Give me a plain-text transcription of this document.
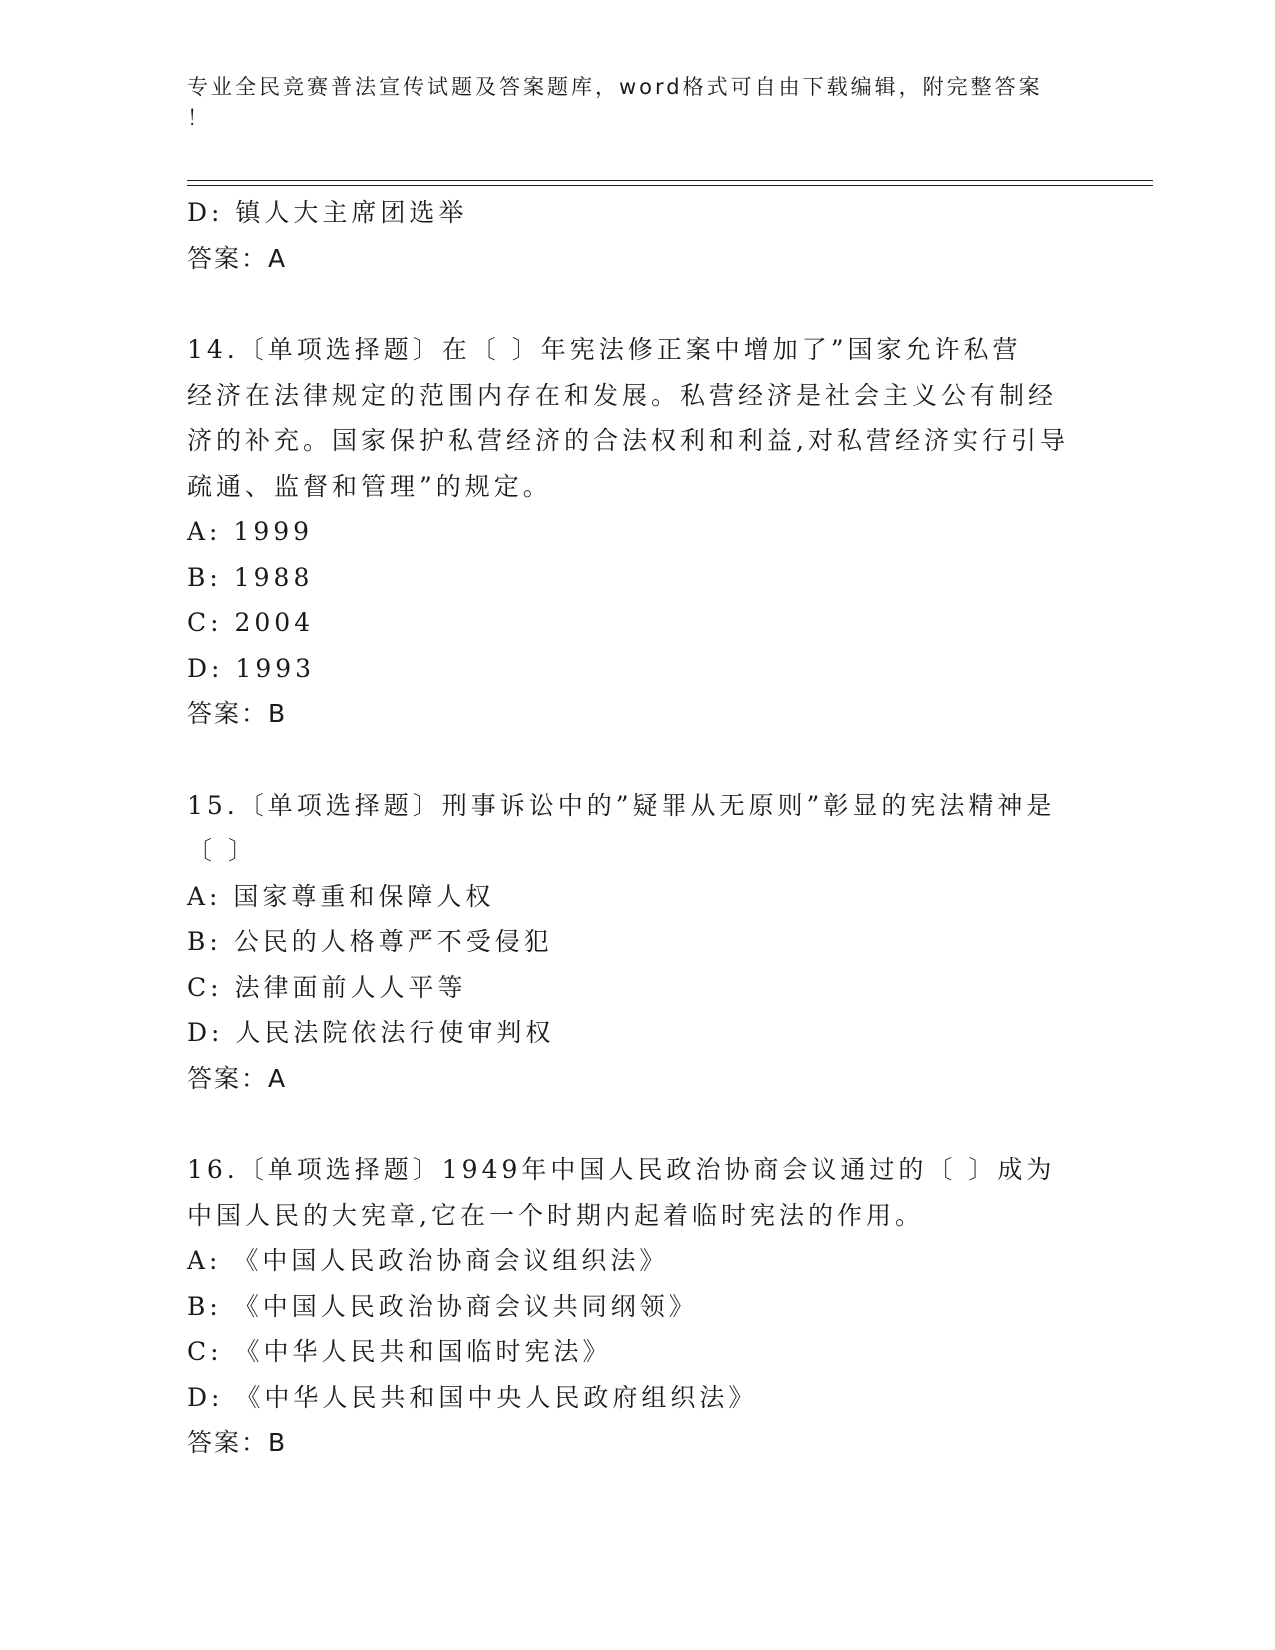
专业全民竞赛普法宣传试题及答案题库，word格式可自由下载编辑，附完整答案
！
D: 镇人大主席团选举
答案：A
14.〔单项选择题〕在〔 〕年宪法修正案中增加了”国家允许私营
经济在法律规定的范围内存在和发展。私营经济是社会主义公有制经
济的补充。国家保护私营经济的合法权利和利益,对私营经济实行引导
疏通、监督和管理”的规定。
A: 1999
B: 1988
C: 2004
D: 1993
答案：B
15.〔单项选择题〕刑事诉讼中的”疑罪从无原则”彰显的宪法精神是
〔 〕
A: 国家尊重和保障人权
B: 公民的人格尊严不受侵犯
C: 法律面前人人平等
D: 人民法院依法行使审判权
答案：A
16.〔单项选择题〕1949年中国人民政治协商会议通过的〔 〕成为
中国人民的大宪章,它在一个时期内起着临时宪法的作用。
A: 《中国人民政治协商会议组织法》
B: 《中国人民政治协商会议共同纲领》
C: 《中华人民共和国临时宪法》
D: 《中华人民共和国中央人民政府组织法》
答案：B
